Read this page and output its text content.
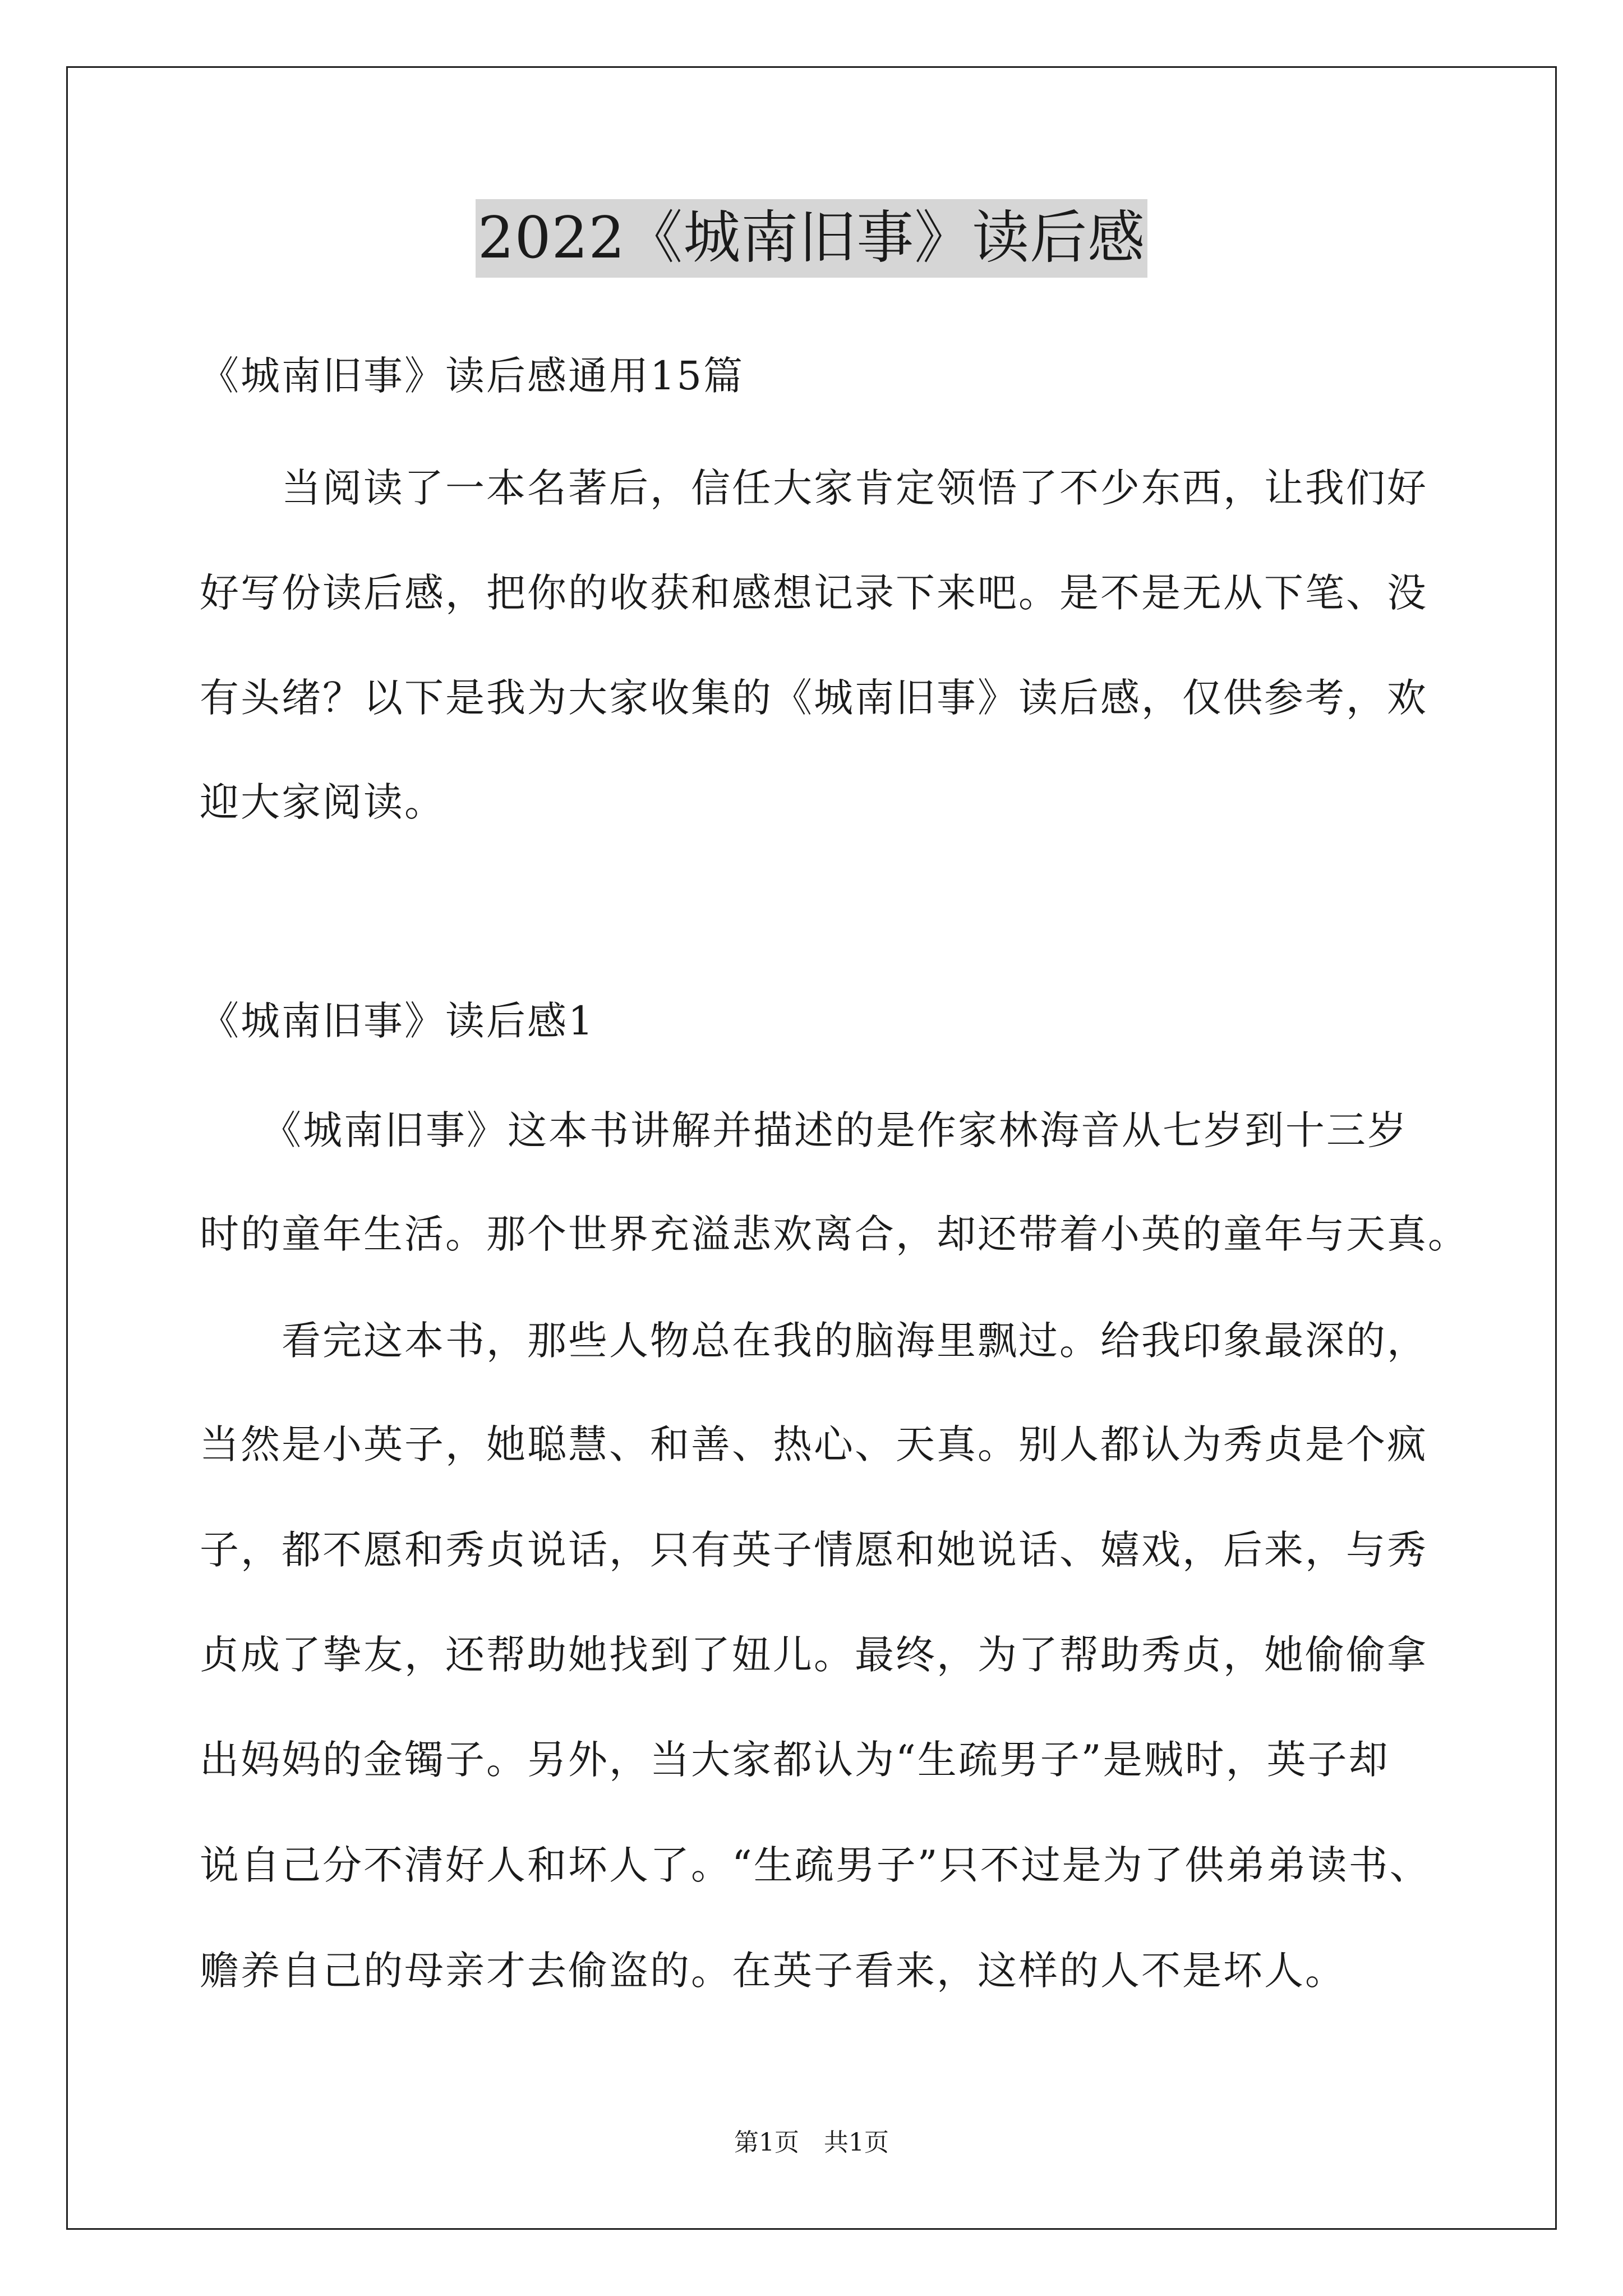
2022《城南旧事》读后感
《城南旧事》读后感通用15篇
　　当阅读了一本名著后，信任大家肯定领悟了不少东西，让我们好
好写份读后感，把你的收获和感想记录下来吧。是不是无从下笔、没
有头绪？以下是我为大家收集的《城南旧事》读后感，仅供参考，欢
迎大家阅读。
《城南旧事》读后感1
　　《城南旧事》这本书讲解并描述的是作家林海音从七岁到十三岁
时的童年生活。那个世界充溢悲欢离合，却还带着小英的童年与天真。
　　看完这本书，那些人物总在我的脑海里飘过。给我印象最深的，
当然是小英子，她聪慧、和善、热心、天真。别人都认为秀贞是个疯
子，都不愿和秀贞说话，只有英子情愿和她说话、嬉戏，后来，与秀
贞成了挚友，还帮助她找到了妞儿。最终，为了帮助秀贞，她偷偷拿
出妈妈的金镯子。另外，当大家都认为“生疏男子”是贼时，英子却
说自己分不清好人和坏人了。“生疏男子”只不过是为了供弟弟读书、
赡养自己的母亲才去偷盗的。在英子看来，这样的人不是坏人。
第1页　共1页
